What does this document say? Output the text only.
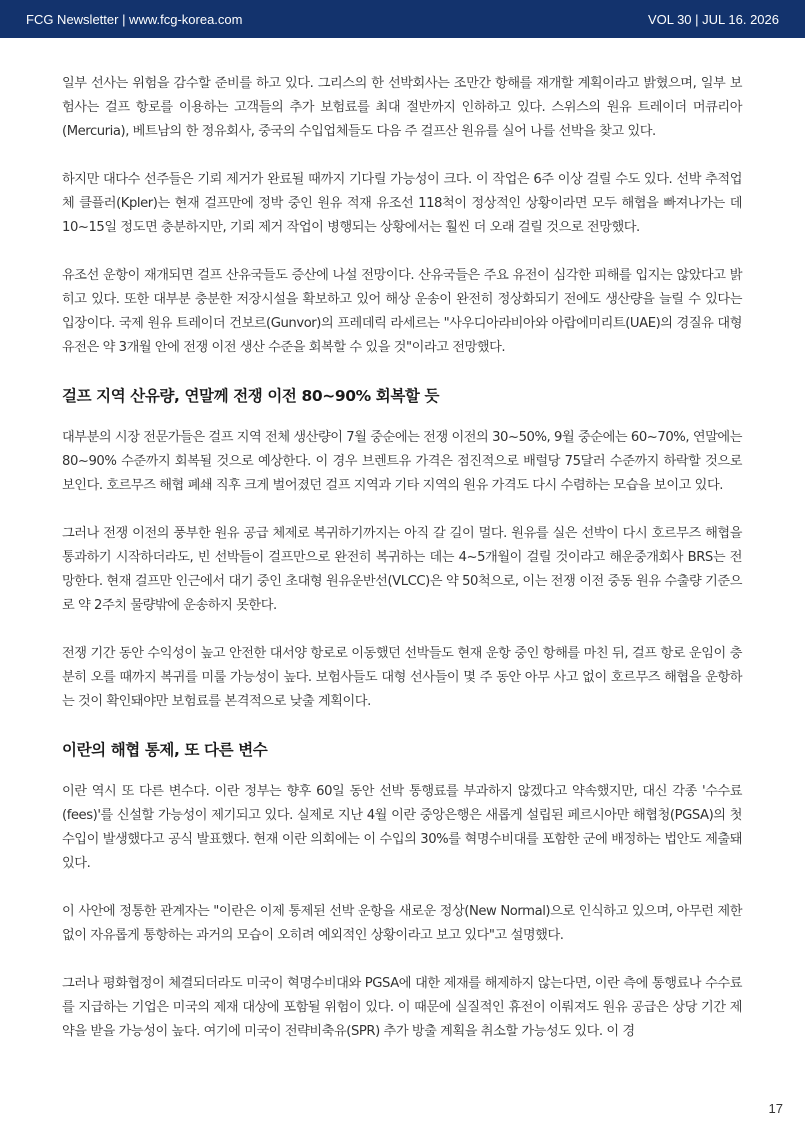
FCG Newsletter | www.fcg-korea.com	VOL 30 | JUL 16. 2026

일부 선사는 위험을 감수할 준비를 하고 있다. 그리스의 한 선박회사는 조만간 항해를 재개할 계획이라고 밝혔으며, 일부 보험사는 걸프 항로를 이용하는 고객들의 추가 보험료를 최대 절반까지 인하하고 있다. 스위스의 원유 트레이더 머큐리아(Mercuria), 베트남의 한 정유회사, 중국의 수입업체들도 다음 주 걸프산 원유를 실어 나를 선박을 찾고 있다.

하지만 대다수 선주들은 기뢰 제거가 완료될 때까지 기다릴 가능성이 크다. 이 작업은 6주 이상 걸릴 수도 있다. 선박 추적업체 클플러(Kpler)는 현재 걸프만에 정박 중인 원유 적재 유조선 118척이 정상적인 상황이라면 모두 해협을 빠져나가는 데 10~15일 정도면 충분하지만, 기뢰 제거 작업이 병행되는 상황에서는 훨씬 더 오래 걸릴 것으로 전망했다.

유조선 운항이 재개되면 걸프 산유국들도 증산에 나설 전망이다. 산유국들은 주요 유전이 심각한 피해를 입지는 않았다고 밝히고 있다. 또한 대부분 충분한 저장시설을 확보하고 있어 해상 운송이 완전히 정상화되기 전에도 생산량을 늘릴 수 있다는 입장이다. 국제 원유 트레이더 건보르(Gunvor)의 프레데릭 라세르는 "사우디아라비아와 아랍에미리트(UAE)의 경질유 대형 유전은 약 3개월 안에 전쟁 이전 생산 수준을 회복할 수 있을 것"이라고 전망했다.

걸프 지역 산유량, 연말께 전쟁 이전 80~90% 회복할 듯

대부분의 시장 전문가들은 걸프 지역 전체 생산량이 7월 중순에는 전쟁 이전의 30~50%, 9월 중순에는 60~70%, 연말에는 80~90% 수준까지 회복될 것으로 예상한다. 이 경우 브렌트유 가격은 점진적으로 배럴당 75달러 수준까지 하락할 것으로 보인다. 호르무즈 해협 폐쇄 직후 크게 벌어졌던 걸프 지역과 기타 지역의 원유 가격도 다시 수렴하는 모습을 보이고 있다.

그러나 전쟁 이전의 풍부한 원유 공급 체제로 복귀하기까지는 아직 갈 길이 멀다. 원유를 실은 선박이 다시 호르무즈 해협을 통과하기 시작하더라도, 빈 선박들이 걸프만으로 완전히 복귀하는 데는 4~5개월이 걸릴 것이라고 해운중개회사 BRS는 전망한다. 현재 걸프만 인근에서 대기 중인 초대형 원유운반선(VLCC)은 약 50척으로, 이는 전쟁 이전 중동 원유 수출량 기준으로 약 2주치 물량밖에 운송하지 못한다.

전쟁 기간 동안 수익성이 높고 안전한 대서양 항로로 이동했던 선박들도 현재 운항 중인 항해를 마친 뒤, 걸프 항로 운임이 충분히 오를 때까지 복귀를 미룰 가능성이 높다. 보험사들도 대형 선사들이 몇 주 동안 아무 사고 없이 호르무즈 해협을 운항하는 것이 확인돼야만 보험료를 본격적으로 낮출 계획이다.

이란의 해협 통제, 또 다른 변수

이란 역시 또 다른 변수다. 이란 정부는 향후 60일 동안 선박 통행료를 부과하지 않겠다고 약속했지만, 대신 각종 '수수료(fees)'를 신설할 가능성이 제기되고 있다. 실제로 지난 4월 이란 중앙은행은 새롭게 설립된 페르시아만 해협청(PGSA)의 첫 수입이 발생했다고 공식 발표했다. 현재 이란 의회에는 이 수입의 30%를 혁명수비대를 포함한 군에 배정하는 법안도 제출돼 있다.

이 사안에 정통한 관계자는 "이란은 이제 통제된 선박 운항을 새로운 정상(New Normal)으로 인식하고 있으며, 아무런 제한 없이 자유롭게 통항하는 과거의 모습이 오히려 예외적인 상황이라고 보고 있다"고 설명했다.

그러나 평화협정이 체결되더라도 미국이 혁명수비대와 PGSA에 대한 제재를 해제하지 않는다면, 이란 측에 통행료나 수수료를 지급하는 기업은 미국의 제재 대상에 포함될 위험이 있다. 이 때문에 실질적인 휴전이 이뤄져도 원유 공급은 상당 기간 제약을 받을 가능성이 높다. 여기에 미국이 전략비축유(SPR) 추가 방출 계획을 취소할 가능성도 있다. 이 경

17
